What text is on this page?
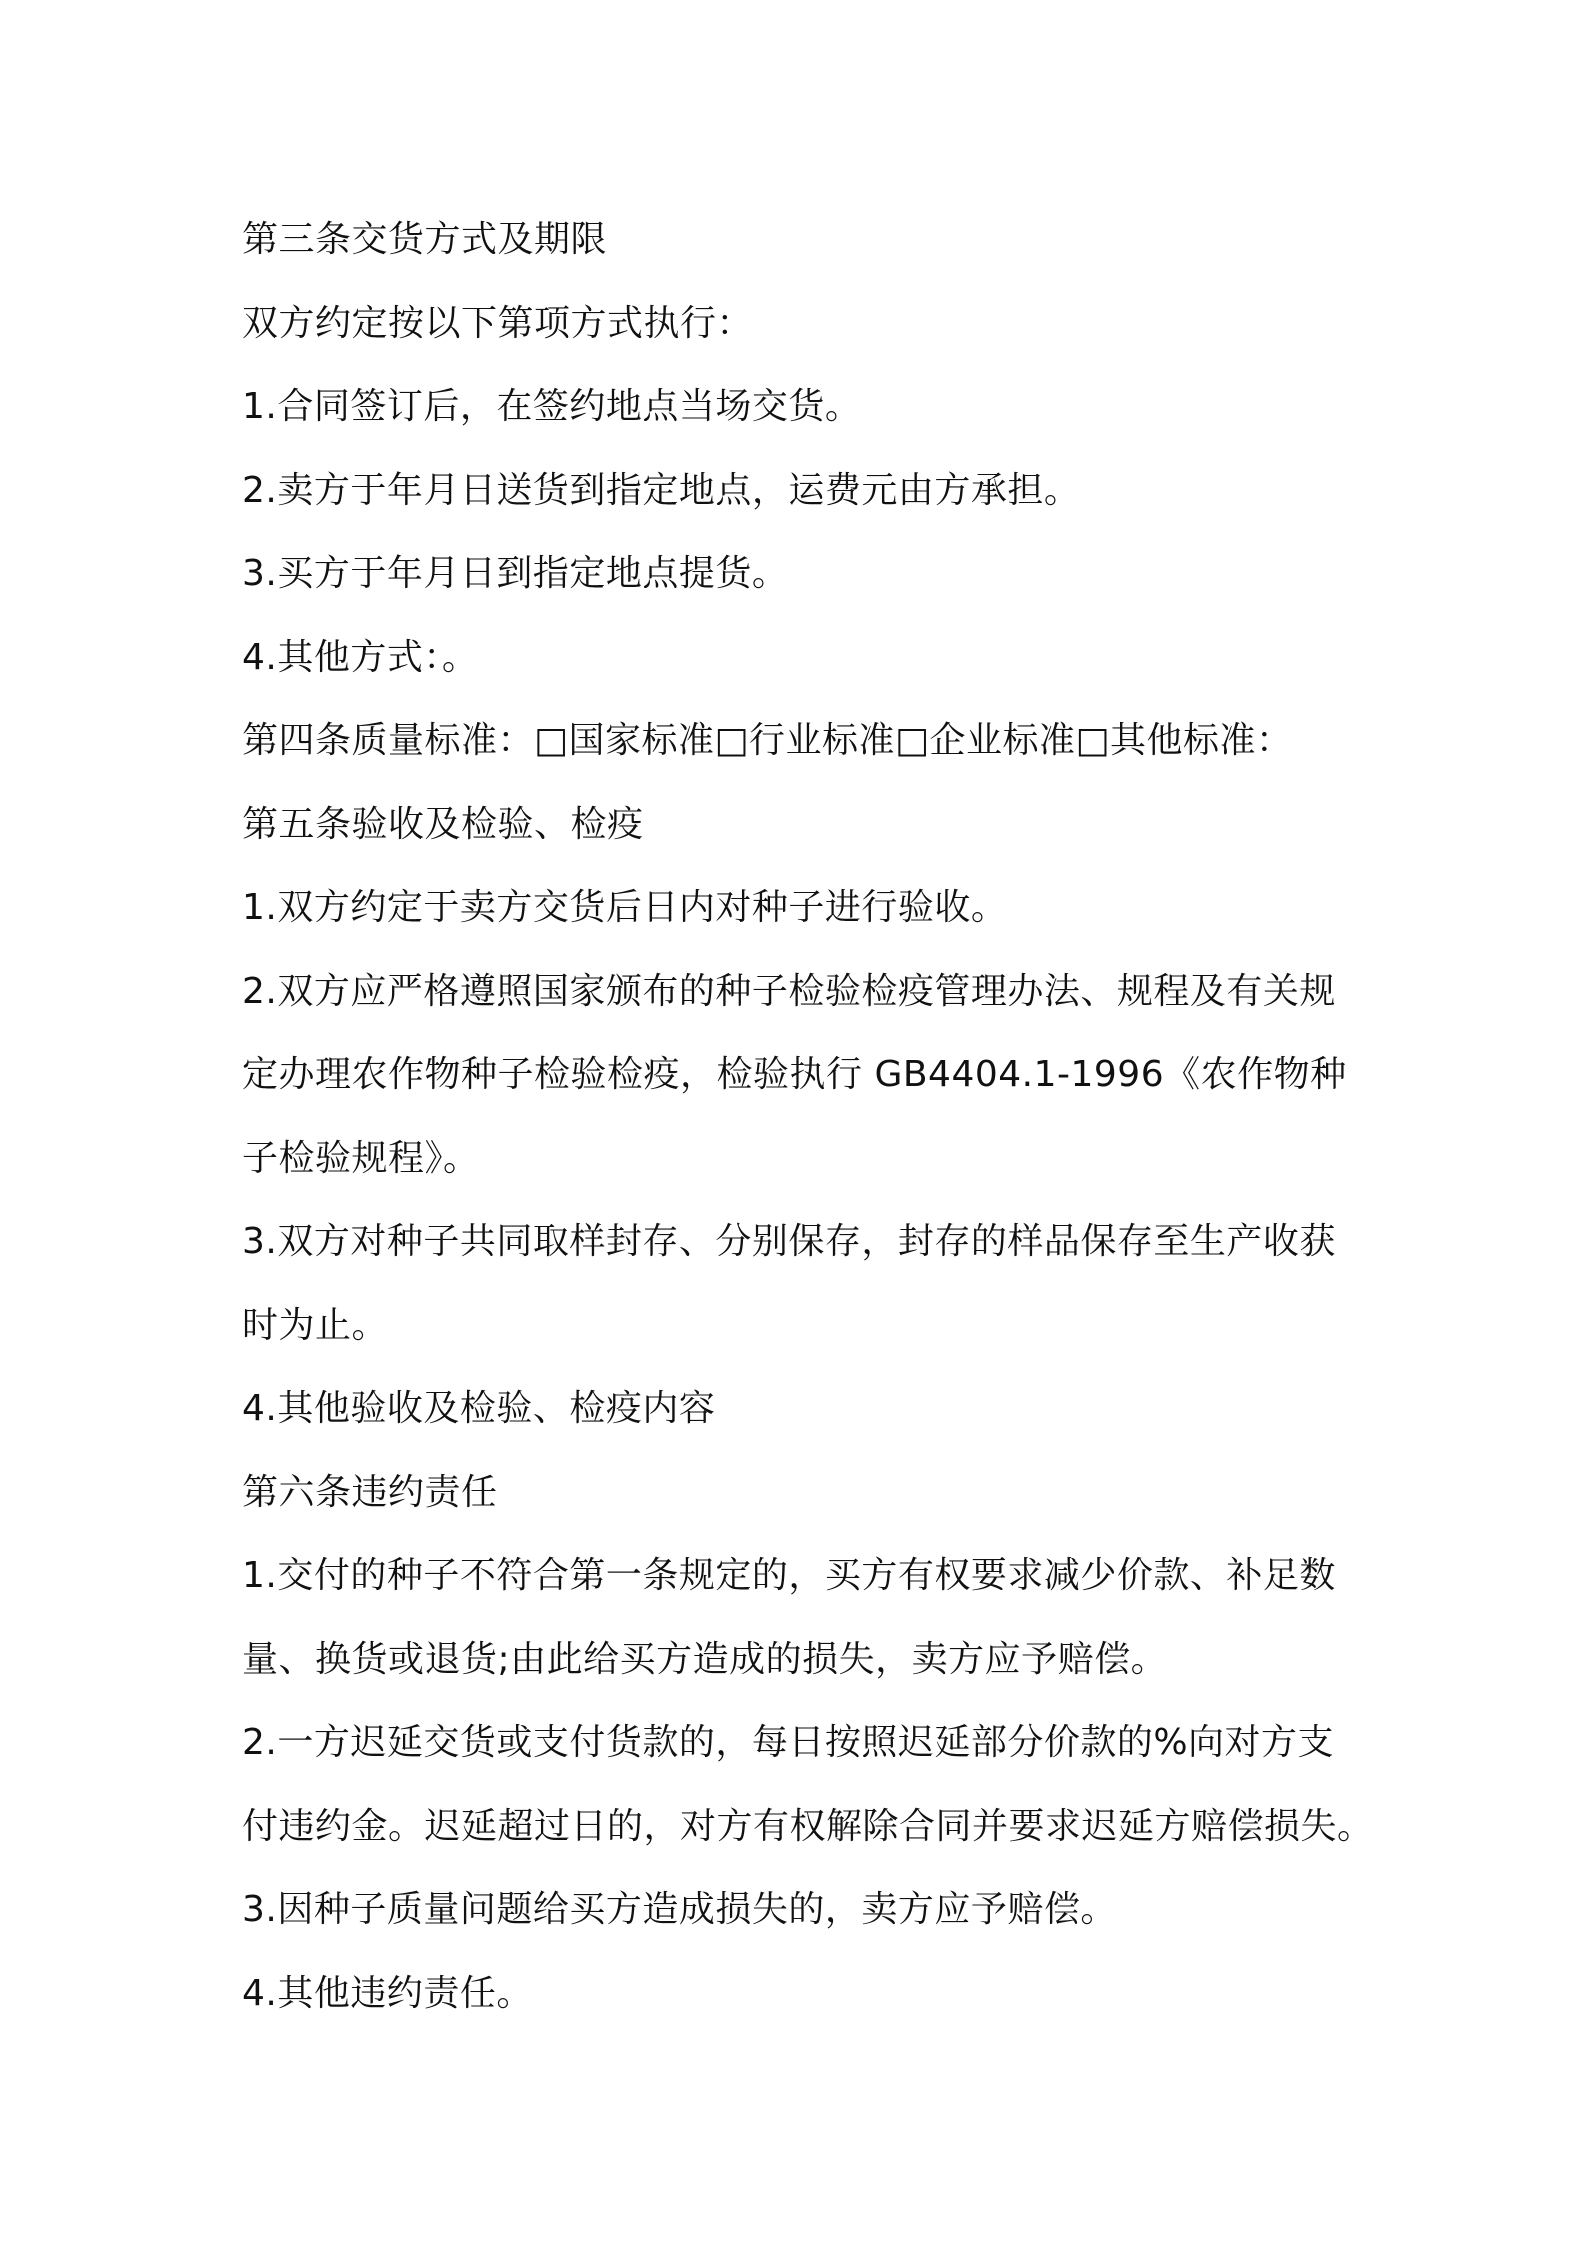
第三条交货方式及期限

双方约定按以下第项方式执行：

1.合同签订后，在签约地点当场交货。

2.卖方于年月日送货到指定地点，运费元由方承担。

3.买方于年月日到指定地点提货。

4.其他方式：。

第四条质量标准：□国家标准□行业标准□企业标准□其他标准：

第五条验收及检验、检疫

1.双方约定于卖方交货后日内对种子进行验收。

2.双方应严格遵照国家颁布的种子检验检疫管理办法、规程及有关规

定办理农作物种子检验检疫，检验执行 GB4404.1-1996《农作物种

子检验规程》。

3.双方对种子共同取样封存、分别保存，封存的样品保存至生产收获

时为止。

4.其他验收及检验、检疫内容

第六条违约责任

1.交付的种子不符合第一条规定的，买方有权要求减少价款、补足数

量、换货或退货;由此给买方造成的损失，卖方应予赔偿。

2.一方迟延交货或支付货款的，每日按照迟延部分价款的%向对方支

付违约金。迟延超过日的，对方有权解除合同并要求迟延方赔偿损失。

3.因种子质量问题给买方造成损失的，卖方应予赔偿。

4.其他违约责任。
